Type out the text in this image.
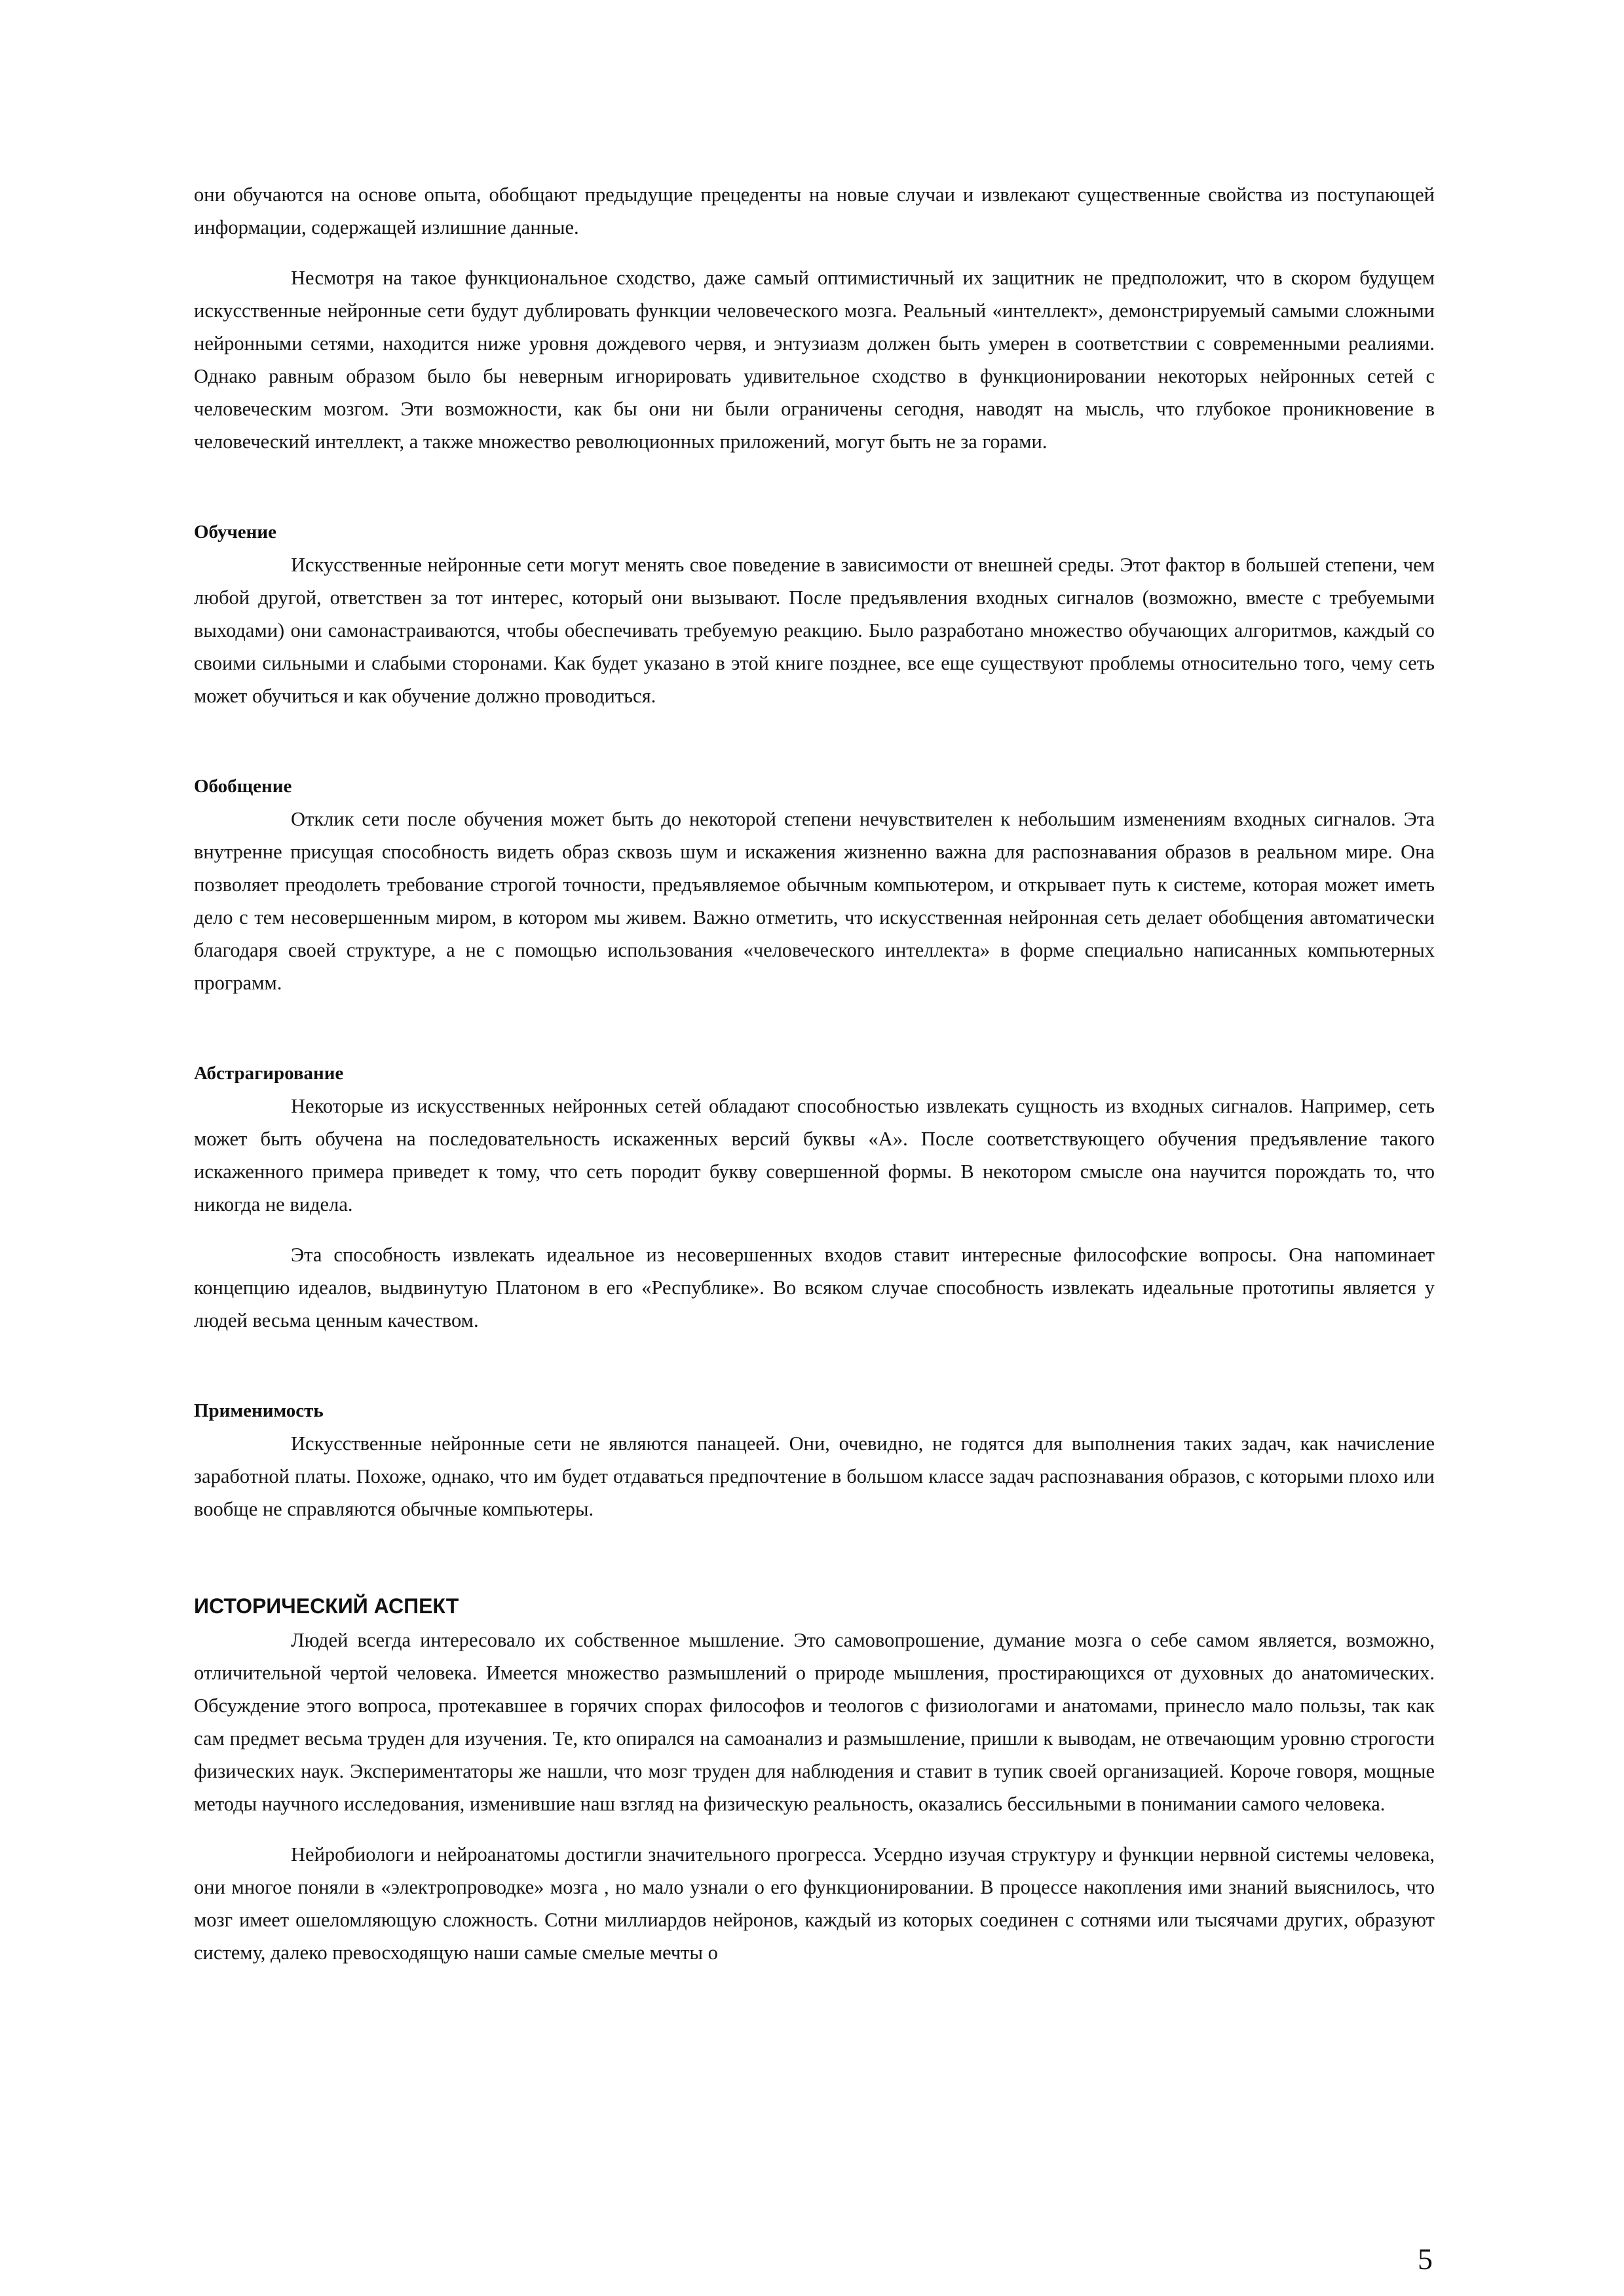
они обучаются на основе опыта, обобщают предыдущие прецеденты на новые случаи и извлекают существенные свойства из поступающей информации, содержащей излишние данные.

Несмотря на такое функциональное сходство, даже самый оптимистичный их защитник не предположит, что в скором будущем искусственные нейронные сети будут дублировать функции человеческого мозга. Реальный «интеллект», демонстрируемый самыми сложными нейронными сетями, находится ниже уровня дождевого червя, и энтузиазм должен быть умерен в соответствии с современными реалиями. Однако равным образом было бы неверным игнорировать удивительное сходство в функционировании некоторых нейронных сетей с человеческим мозгом. Эти возможности, как бы они ни были ограничены сегодня, наводят на мысль, что глубокое проникновение в человеческий интеллект, а также множество революционных приложений, могут быть не за горами.

Обучение

Искусственные нейронные сети могут менять свое поведение в зависимости от внешней среды. Этот фактор в большей степени, чем любой другой, ответствен за тот интерес, который они вызывают. После предъявления входных сигналов (возможно, вместе с требуемыми выходами) они самонастраиваются, чтобы обеспечивать требуемую реакцию. Было разработано множество обучающих алгоритмов, каждый со своими сильными и слабыми сторонами. Как будет указано в этой книге позднее, все еще существуют проблемы относительно того, чему сеть может обучиться и как обучение должно проводиться.

Обобщение

Отклик сети после обучения может быть до некоторой степени нечувствителен к небольшим изменениям входных сигналов. Эта внутренне присущая способность видеть образ сквозь шум и искажения жизненно важна для распознавания образов в реальном мире. Она позволяет преодолеть требование строгой точности, предъявляемое обычным компьютером, и открывает путь к системе, которая может иметь дело с тем несовершенным миром, в котором мы живем. Важно отметить, что искусственная нейронная сеть делает обобщения автоматически благодаря своей структуре, а не с помощью использования «человеческого интеллекта» в форме специально написанных компьютерных программ.

Абстрагирование

Некоторые из искусственных нейронных сетей обладают способностью извлекать сущность из входных сигналов. Например, сеть может быть обучена на последовательность искаженных версий буквы «А». После соответствующего обучения предъявление такого искаженного примера приведет к тому, что сеть породит букву совершенной формы. В некотором смысле она научится порождать то, что никогда не видела.

Эта способность извлекать идеальное из несовершенных входов ставит интересные философские вопросы. Она напоминает концепцию идеалов, выдвинутую Платоном в его «Республике». Во всяком случае способность извлекать идеальные прототипы является у людей весьма ценным качеством.

Применимость

Искусственные нейронные сети не являются панацеей. Они, очевидно, не годятся для выполнения таких задач, как начисление заработной платы. Похоже, однако, что им будет отдаваться предпочтение в большом классе задач распознавания образов, с которыми плохо или вообще не справляются обычные компьютеры.

ИСТОРИЧЕСКИЙ АСПЕКТ

Людей всегда интересовало их собственное мышление. Это самовопрошение, думание мозга о себе самом является, возможно, отличительной чертой человека. Имеется множество размышлений о природе мышления, простирающихся от духовных до анатомических. Обсуждение этого вопроса, протекавшее в горячих спорах философов и теологов с физиологами и анатомами, принесло мало пользы, так как сам предмет весьма труден для изучения. Те, кто опирался на самоанализ и размышление, пришли к выводам, не отвечающим уровню строгости физических наук. Экспериментаторы же нашли, что мозг труден для наблюдения и ставит в тупик своей организацией. Короче говоря, мощные методы научного исследования, изменившие наш взгляд на физическую реальность, оказались бессильными в понимании самого человека.

Нейробиологи и нейроанатомы достигли значительного прогресса. Усердно изучая структуру и функции нервной системы человека, они многое поняли в «электропроводке» мозга , но мало узнали о его функционировании. В процессе накопления ими знаний выяснилось, что мозг имеет ошеломляющую сложность. Сотни миллиардов нейронов, каждый из которых соединен с сотнями или тысячами других, образуют систему, далеко превосходящую наши самые смелые мечты о

5
